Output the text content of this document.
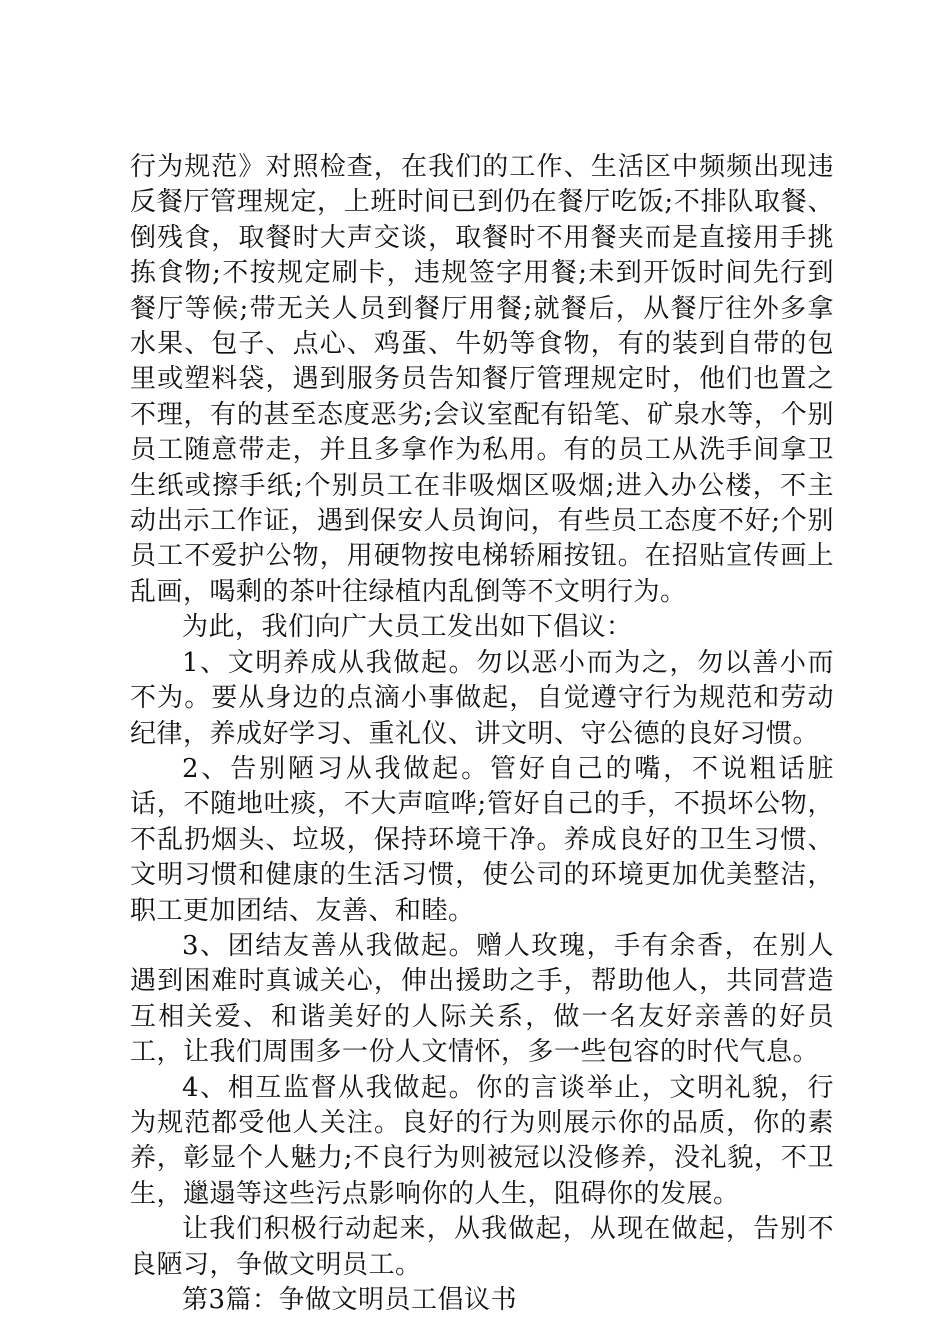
行为规范》对照检查，在我们的工作、生活区中频频出现违反餐厅管理规定，上班时间已到仍在餐厅吃饭;不排队取餐、倒残食，取餐时大声交谈，取餐时不用餐夹而是直接用手挑拣食物;不按规定刷卡，违规签字用餐;未到开饭时间先行到餐厅等候;带无关人员到餐厅用餐;就餐后，从餐厅往外多拿水果、包子、点心、鸡蛋、牛奶等食物，有的装到自带的包里或塑料袋，遇到服务员告知餐厅管理规定时，他们也置之不理，有的甚至态度恶劣;会议室配有铅笔、矿泉水等，个别员工随意带走，并且多拿作为私用。有的员工从洗手间拿卫生纸或擦手纸;个别员工在非吸烟区吸烟;进入办公楼，不主动出示工作证，遇到保安人员询问，有些员工态度不好;个别员工不爱护公物，用硬物按电梯轿厢按钮。在招贴宣传画上乱画，喝剩的茶叶往绿植内乱倒等不文明行为。

为此，我们向广大员工发出如下倡议：

1、文明养成从我做起。勿以恶小而为之，勿以善小而不为。要从身边的点滴小事做起，自觉遵守行为规范和劳动纪律，养成好学习、重礼仪、讲文明、守公德的良好习惯。

2、告别陋习从我做起。管好自己的嘴，不说粗话脏话，不随地吐痰，不大声喧哗;管好自己的手，不损坏公物，不乱扔烟头、垃圾，保持环境干净。养成良好的卫生习惯、文明习惯和健康的生活习惯，使公司的环境更加优美整洁，职工更加团结、友善、和睦。

3、团结友善从我做起。赠人玫瑰，手有余香，在别人遇到困难时真诚关心，伸出援助之手，帮助他人，共同营造互相关爱、和谐美好的人际关系，做一名友好亲善的好员工，让我们周围多一份人文情怀，多一些包容的时代气息。

4、相互监督从我做起。你的言谈举止，文明礼貌，行为规范都受他人关注。良好的行为则展示你的品质，你的素养，彰显个人魅力;不良行为则被冠以没修养，没礼貌，不卫生，邋遢等这些污点影响你的人生，阻碍你的发展。

让我们积极行动起来，从我做起，从现在做起，告别不良陋习，争做文明员工。

第3篇：争做文明员工倡议书
